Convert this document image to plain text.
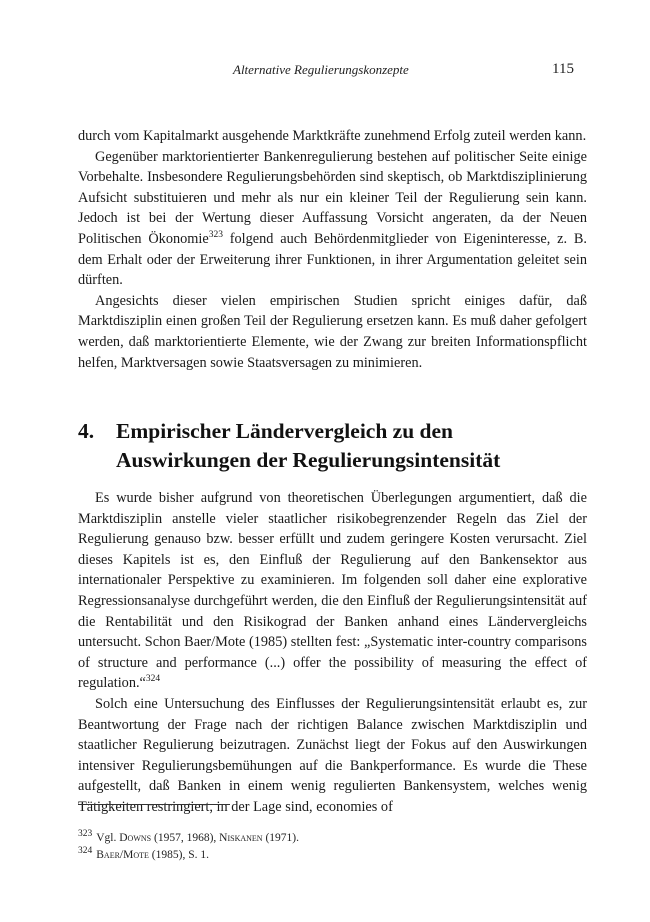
Alternative Regulierungskonzepte	115

durch vom Kapitalmarkt ausgehende Marktkräfte zunehmend Erfolg zuteil werden kann.

Gegenüber marktorientierter Bankenregulierung bestehen auf politischer Seite einige Vorbehalte. Insbesondere Regulierungsbehörden sind skeptisch, ob Marktdisziplinierung Aufsicht substituieren und mehr als nur ein kleiner Teil der Regulierung sein kann. Jedoch ist bei der Wertung dieser Auffassung Vorsicht angeraten, da der Neuen Politischen Ökonomie$^{323}$ folgend auch Behördenmitglieder von Eigeninteresse, z. B. dem Erhalt oder der Erweiterung ihrer Funktionen, in ihrer Argumentation geleitet sein dürften.

Angesichts dieser vielen empirischen Studien spricht einiges dafür, daß Marktdisziplin einen großen Teil der Regulierung ersetzen kann. Es muß daher gefolgert werden, daß marktorientierte Elemente, wie der Zwang zur breiten Informationspflicht helfen, Marktversagen sowie Staatsversagen zu minimieren.

4. Empirischer Ländervergleich zu den
Auswirkungen der Regulierungsintensität

Es wurde bisher aufgrund von theoretischen Überlegungen argumentiert, daß die Marktdisziplin anstelle vieler staatlicher risikobegrenzender Regeln das Ziel der Regulierung genauso bzw. besser erfüllt und zudem geringere Kosten verursacht. Ziel dieses Kapitels ist es, den Einfluß der Regulierung auf den Bankensektor aus internationaler Perspektive zu examinieren. Im folgenden soll daher eine explorative Regressionsanalyse durchgeführt werden, die den Einfluß der Regulierungsintensität auf die Rentabilität und den Risikograd der Banken anhand eines Ländervergleichs untersucht. Schon Baer/Mote (1985) stellten fest: „Systematic inter-country comparisons of structure and performance (...) offer the possibility of measuring the effect of regulation.“$^{324}$

Solch eine Untersuchung des Einflusses der Regulierungsintensität erlaubt es, zur Beantwortung der Frage nach der richtigen Balance zwischen Marktdisziplin und staatlicher Regulierung beizutragen. Zunächst liegt der Fokus auf den Auswirkungen intensiver Regulierungsbemühungen auf die Bankperformance. Es wurde die These aufgestellt, daß Banken in einem wenig regulierten Bankensystem, welches wenig Tätigkeiten restringiert, in der Lage sind, economies of

$^{323}$ Vgl. Downs (1957, 1968), Niskanen (1971).
$^{324}$ Baer/Mote (1985), S. 1.
